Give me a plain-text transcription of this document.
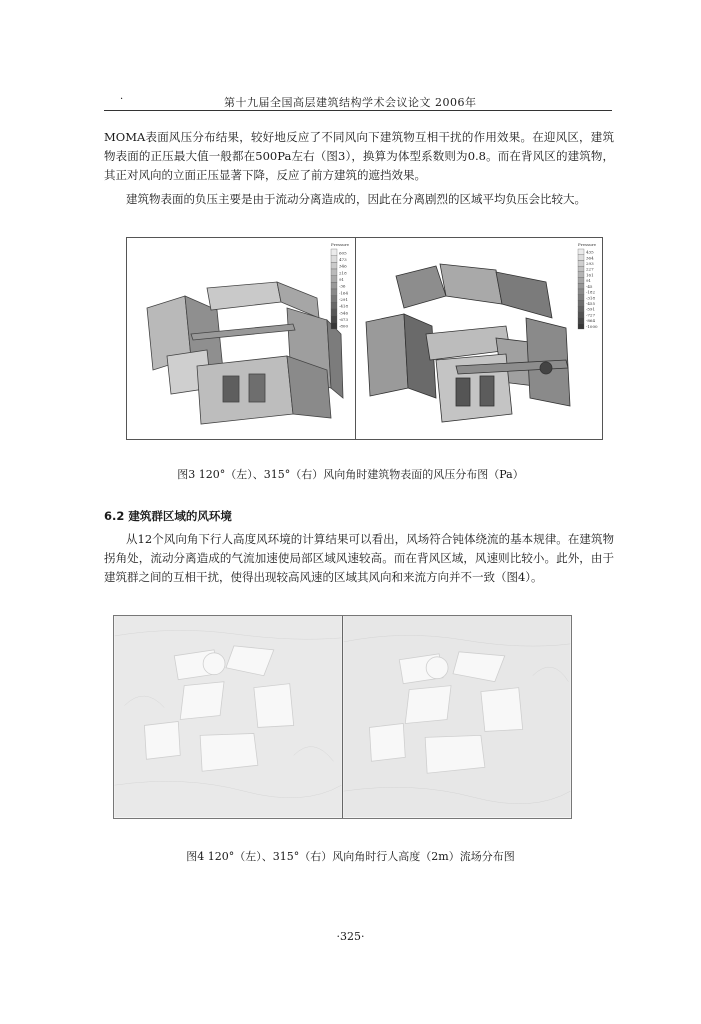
·	第十九届全国高层建筑结构学术会议论文 2006年
MOMA表面风压分布结果，较好地反应了不同风向下建筑物互相干扰的作用效果。在迎风区，建筑物表面的正压最大值一般都在500Pa左右（图3），换算为体型系数则为0.8。而在背风区的建筑物，其正对风向的立面正压显著下降，反应了前方建筑的遮挡效果。
建筑物表面的负压主要是由于流动分离造成的，因此在分离剧烈的区域平均负压会比较大。
Pressure
605
473
346
218
91
-36
-164
-291
-418
-546
-673
-800
Pressure
435
364
293
227
161
91
-45
-182
-318
-455
-591
-727
-864
-1000
图3 120°（左）、315°（右）风向角时建筑物表面的风压分布图（Pa）
6.2 建筑群区域的风环境
从12个风向角下行人高度风环境的计算结果可以看出，风场符合钝体绕流的基本规律。在建筑物拐角处，流动分离造成的气流加速使局部区域风速较高。而在背风区域，风速则比较小。此外，由于建筑群之间的互相干扰，使得出现较高风速的区域其风向和来流方向并不一致（图4）。
图4 120°（左）、315°（右）风向角时行人高度（2m）流场分布图
·325·
